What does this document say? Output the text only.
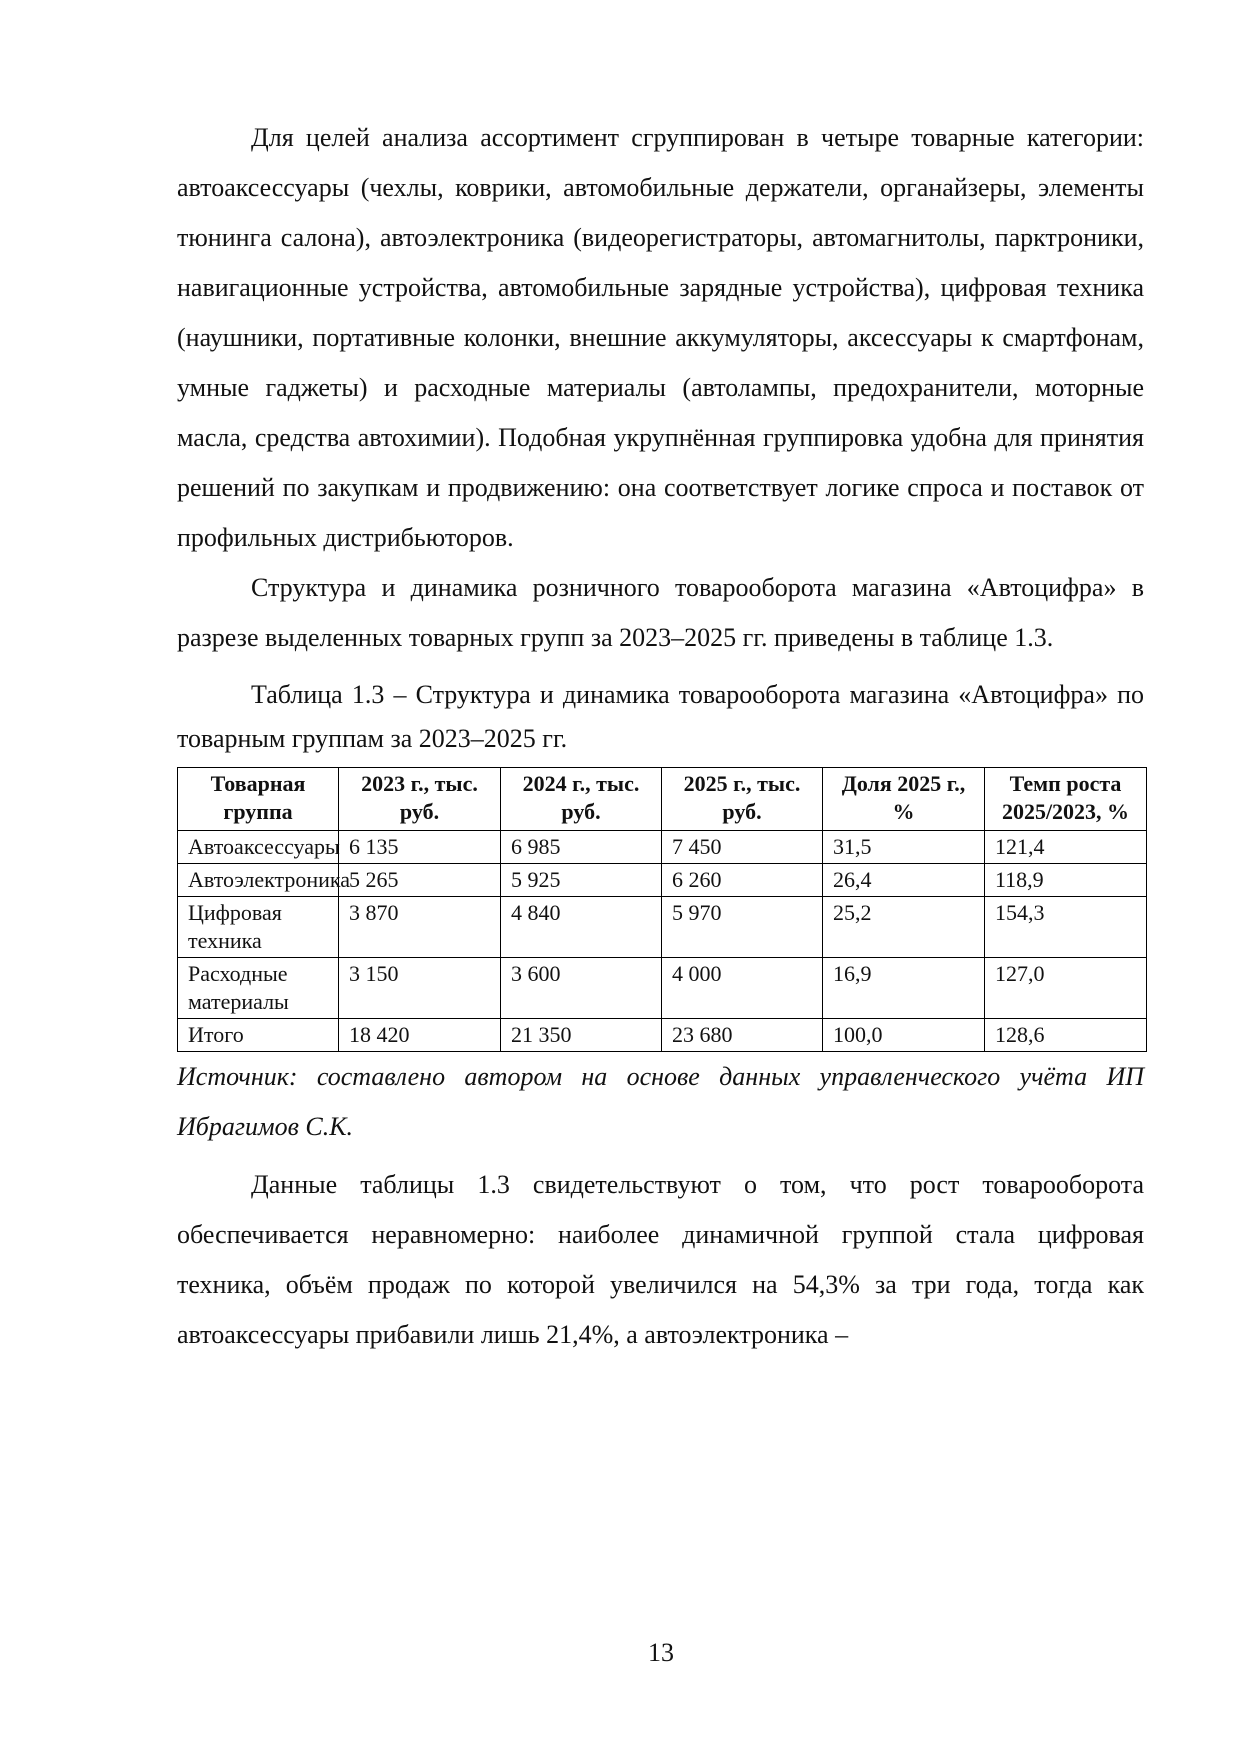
Для целей анализа ассортимент сгруппирован в четыре товарные категории: автоаксессуары (чехлы, коврики, автомобильные держатели, органайзеры, элементы тюнинга салона), автоэлектроника (видеорегистраторы, автомагнитолы, парктроники, навигационные устройства, автомобильные зарядные устройства), цифровая техника (наушники, портативные колонки, внешние аккумуляторы, аксессуары к смартфонам, умные гаджеты) и расходные материалы (автолампы, предохранители, моторные масла, средства автохимии). Подобная укрупнённая группировка удобна для принятия решений по закупкам и продвижению: она соответствует логике спроса и поставок от профильных дистрибьюторов.

Структура и динамика розничного товарооборота магазина «Автоцифра» в разрезе выделенных товарных групп за 2023–2025 гг. приведены в таблице 1.3.

Таблица 1.3 – Структура и динамика товарооборота магазина «Автоцифра» по товарным группам за 2023–2025 гг.

Товарная группа	2023 г., тыс. руб.	2024 г., тыс. руб.	2025 г., тыс. руб.	Доля 2025 г., %	Темп роста 2025/2023, %
Автоаксессуары	6 135	6 985	7 450	31,5	121,4
Автоэлектроника	5 265	5 925	6 260	26,4	118,9
Цифровая техника	3 870	4 840	5 970	25,2	154,3
Расходные материалы	3 150	3 600	4 000	16,9	127,0
Итого	18 420	21 350	23 680	100,0	128,6

Источник: составлено автором на основе данных управленческого учёта ИП Ибрагимов С.К.

Данные таблицы 1.3 свидетельствуют о том, что рост товарооборота обеспечивается неравномерно: наиболее динамичной группой стала цифровая техника, объём продаж по которой увеличился на 54,3% за три года, тогда как автоаксессуары прибавили лишь 21,4%, а автоэлектроника –

13
